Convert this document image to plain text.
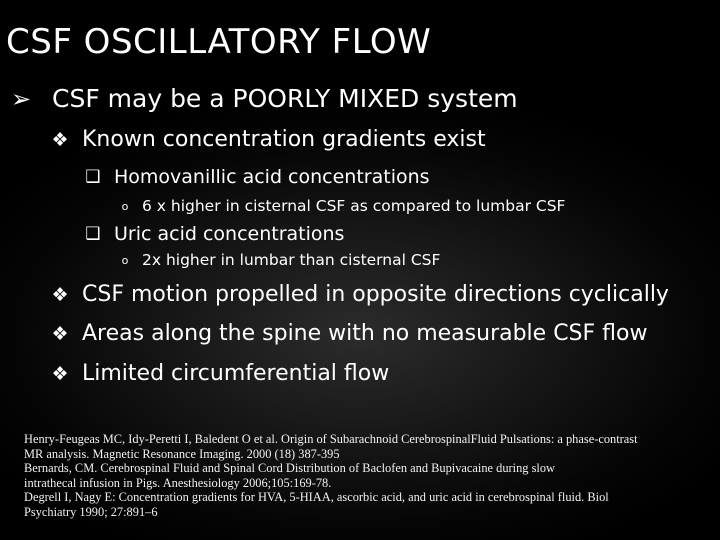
CSF OSCILLATORY FLOW
➢ CSF may be a POORLY MIXED system
❖ Known concentration gradients exist
❑ Homovanillic acid concentrations
o 6 x higher in cisternal CSF as compared to lumbar CSF
❑ Uric acid concentrations
o 2x higher in lumbar than cisternal CSF
❖ CSF motion propelled in opposite directions cyclically
❖ Areas along the spine with no measurable CSF flow
❖ Limited circumferential flow
Henry-Feugeas MC, Idy-Peretti I, Baledent O et al. Origin of Subarachnoid CerebrospinalFluid Pulsations: a phase-contrast
MR analysis. Magnetic Resonance Imaging. 2000 (18) 387-395
Bernards, CM. Cerebrospinal Fluid and Spinal Cord Distribution of Baclofen and Bupivacaine during slow
intrathecal infusion in Pigs. Anesthesiology 2006;105:169-78.
Degrell I, Nagy E: Concentration gradients for HVA, 5-HIAA, ascorbic acid, and uric acid in cerebrospinal fluid. Biol
Psychiatry 1990; 27:891–6
